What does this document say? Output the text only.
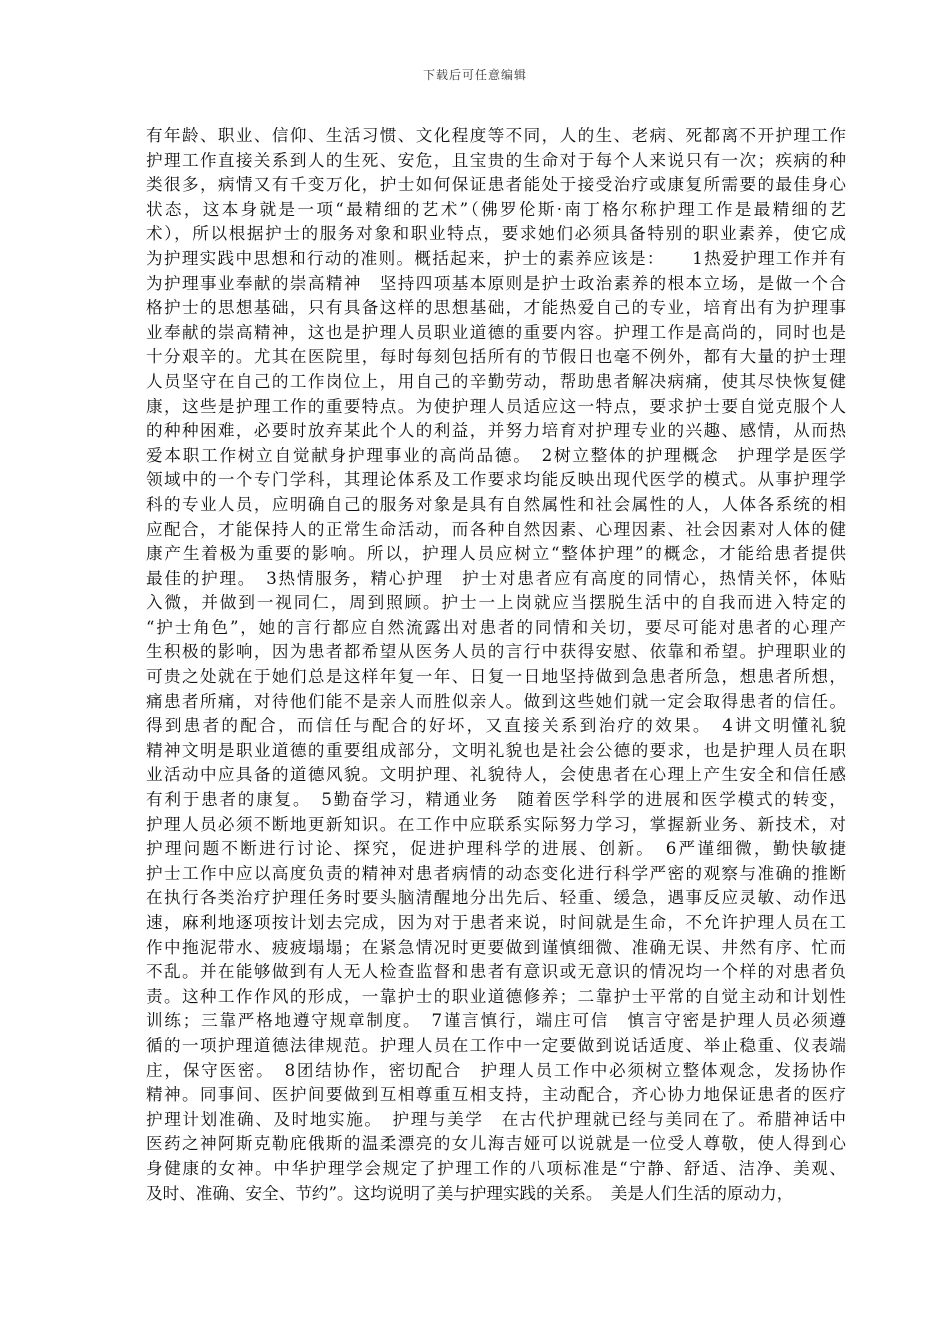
下载后可任意编辑
有年龄、职业、信仰、生活习惯、文化程度等不同，人的生、老病、死都离不开护理工作
护理工作直接关系到人的生死、安危，且宝贵的生命对于每个人来说只有一次；疾病的种
类很多，病情又有千变万化，护士如何保证患者能处于接受治疗或康复所需要的最佳身心
状态，这本身就是一项“最精细的艺术”（佛罗伦斯·南丁格尔称护理工作是最精细的艺
术），所以根据护士的服务对象和职业特点，要求她们必须具备特别的职业素养，使它成
为护理实践中思想和行动的准则。概括起来，护士的素养应该是：　　1热爱护理工作并有
为护理事业奉献的崇高精神　坚持四项基本原则是护士政治素养的根本立场，是做一个合
格护士的思想基础，只有具备这样的思想基础，才能热爱自己的专业，培育出有为护理事
业奉献的崇高精神，这也是护理人员职业道德的重要内容。护理工作是高尚的，同时也是
十分艰辛的。尤其在医院里，每时每刻包括所有的节假日也毫不例外，都有大量的护士理
人员坚守在自己的工作岗位上，用自己的辛勤劳动，帮助患者解决病痛，使其尽快恢复健
康，这些是护理工作的重要特点。为使护理人员适应这一特点，要求护士要自觉克服个人
的种种困难，必要时放弃某此个人的利益，并努力培育对护理专业的兴趣、感情，从而热
爱本职工作树立自觉献身护理事业的高尚品德。　2树立整体的护理概念　护理学是医学
领域中的一个专门学科，其理论体系及工作要求均能反映出现代医学的模式。从事护理学
科的专业人员，应明确自己的服务对象是具有自然属性和社会属性的人，人体各系统的相
应配合，才能保持人的正常生命活动，而各种自然因素、心理因素、社会因素对人体的健
康产生着极为重要的影响。所以，护理人员应树立“整体护理”的概念，才能给患者提供
最佳的护理。　3热情服务，精心护理　护士对患者应有高度的同情心，热情关怀，体贴
入微，并做到一视同仁，周到照顾。护士一上岗就应当摆脱生活中的自我而进入特定的
“护士角色”，她的言行都应自然流露出对患者的同情和关切，要尽可能对患者的心理产
生积极的影响，因为患者都希望从医务人员的言行中获得安慰、依靠和希望。护理职业的
可贵之处就在于她们总是这样年复一年、日复一日地坚持做到急患者所急，想患者所想，
痛患者所痛，对待他们能不是亲人而胜似亲人。做到这些她们就一定会取得患者的信任。
得到患者的配合，而信任与配合的好坏，又直接关系到治疗的效果。　4讲文明懂礼貌
精神文明是职业道德的重要组成部分，文明礼貌也是社会公德的要求，也是护理人员在职
业活动中应具备的道德风貌。文明护理、礼貌待人，会使患者在心理上产生安全和信任感
有利于患者的康复。　5勤奋学习，精通业务　随着医学科学的进展和医学模式的转变，
护理人员必须不断地更新知识。在工作中应联系实际努力学习，掌握新业务、新技术，对
护理问题不断进行讨论、探究，促进护理科学的进展、创新。　6严谨细微，勤快敏捷
护士工作中应以高度负责的精神对患者病情的动态变化进行科学严密的观察与准确的推断
在执行各类治疗护理任务时要头脑清醒地分出先后、轻重、缓急，遇事反应灵敏、动作迅
速，麻利地逐项按计划去完成，因为对于患者来说，时间就是生命，不允许护理人员在工
作中拖泥带水、疲疲塌塌；在紧急情况时更要做到谨慎细微、准确无误、井然有序、忙而
不乱。并在能够做到有人无人检查监督和患者有意识或无意识的情况均一个样的对患者负
责。这种工作作风的形成，一靠护士的职业道德修养；二靠护士平常的自觉主动和计划性
训练；三靠严格地遵守规章制度。　7谨言慎行，端庄可信　慎言守密是护理人员必须遵
循的一项护理道德法律规范。护理人员在工作中一定要做到说话适度、举止稳重、仪表端
庄，保守医密。　8团结协作，密切配合　护理人员工作中必须树立整体观念，发扬协作
精神。同事间、医护间要做到互相尊重互相支持，主动配合，齐心协力地保证患者的医疗
护理计划准确、及时地实施。　护理与美学　在古代护理就已经与美同在了。希腊神话中
医药之神阿斯克勒庇俄斯的温柔漂亮的女儿海吉娅可以说就是一位受人尊敬，使人得到心
身健康的女神。中华护理学会规定了护理工作的八项标准是“宁静、舒适、洁净、美观、
及时、准确、安全、节约”。这均说明了美与护理实践的关系。　美是人们生活的原动力，
